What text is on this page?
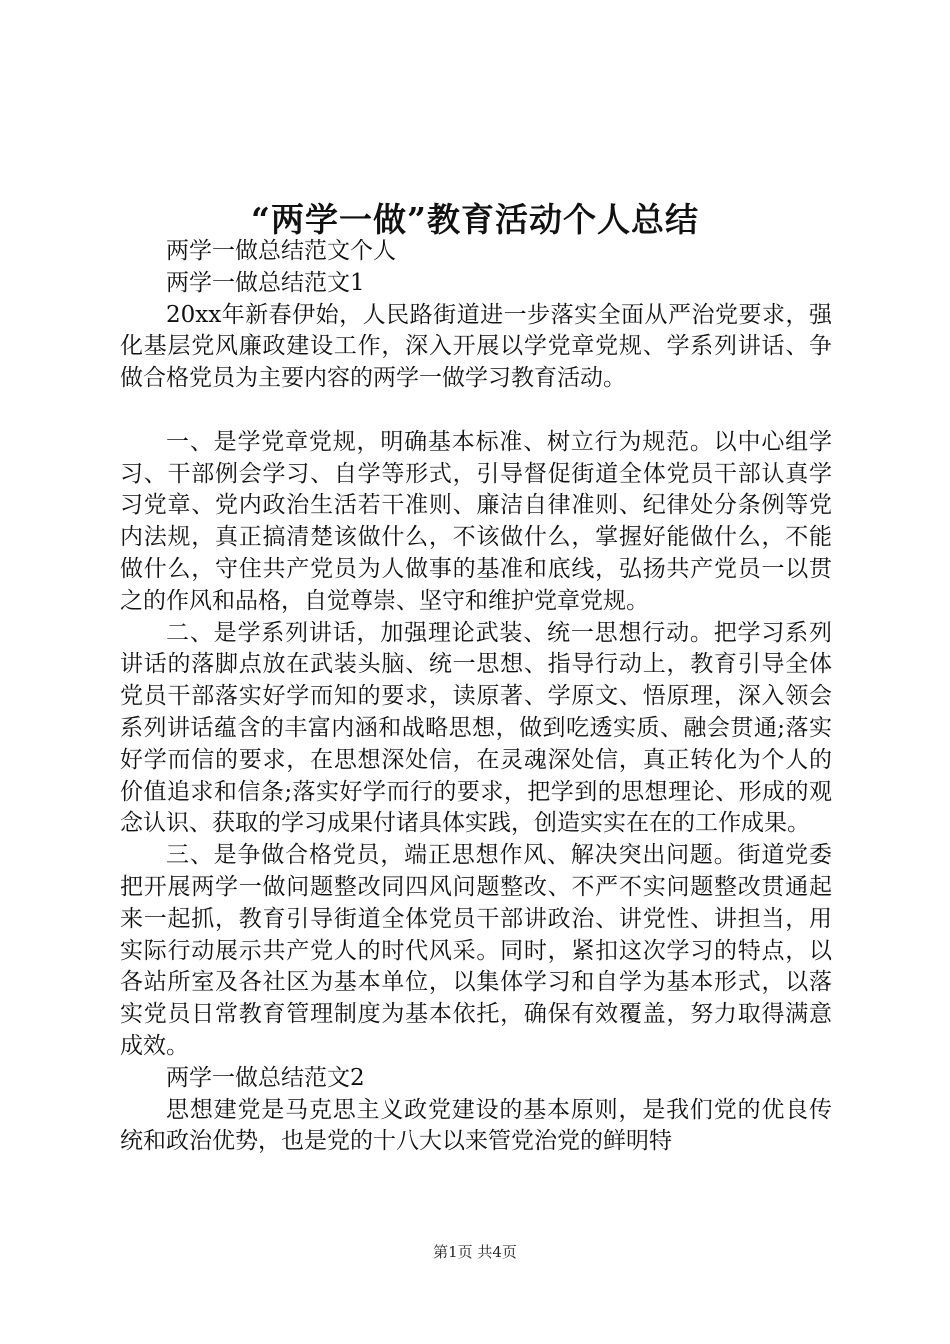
“两学一做”教育活动个人总结

两学一做总结范文个人

两学一做总结范文1

20xx年新春伊始，人民路街道进一步落实全面从严治党要求，强化基层党风廉政建设工作，深入开展以学党章党规、学系列讲话、争做合格党员为主要内容的两学一做学习教育活动。

一、是学党章党规，明确基本标准、树立行为规范。以中心组学习、干部例会学习、自学等形式，引导督促街道全体党员干部认真学习党章、党内政治生活若干准则、廉洁自律准则、纪律处分条例等党内法规，真正搞清楚该做什么，不该做什么，掌握好能做什么，不能做什么，守住共产党员为人做事的基准和底线，弘扬共产党员一以贯之的作风和品格，自觉尊崇、坚守和维护党章党规。

二、是学系列讲话，加强理论武装、统一思想行动。把学习系列讲话的落脚点放在武装头脑、统一思想、指导行动上，教育引导全体党员干部落实好学而知的要求，读原著、学原文、悟原理，深入领会系列讲话蕴含的丰富内涵和战略思想，做到吃透实质、融会贯通;落实好学而信的要求，在思想深处信，在灵魂深处信，真正转化为个人的价值追求和信条;落实好学而行的要求，把学到的思想理论、形成的观念认识、获取的学习成果付诸具体实践，创造实实在在的工作成果。

三、是争做合格党员，端正思想作风、解决突出问题。街道党委把开展两学一做问题整改同四风问题整改、不严不实问题整改贯通起来一起抓，教育引导街道全体党员干部讲政治、讲党性、讲担当，用实际行动展示共产党人的时代风采。同时，紧扣这次学习的特点，以各站所室及各社区为基本单位，以集体学习和自学为基本形式，以落实党员日常教育管理制度为基本依托，确保有效覆盖，努力取得满意成效。

两学一做总结范文2

思想建党是马克思主义政党建设的基本原则，是我们党的优良传统和政治优势，也是党的十八大以来管党治党的鲜明特

第1页 共4页
